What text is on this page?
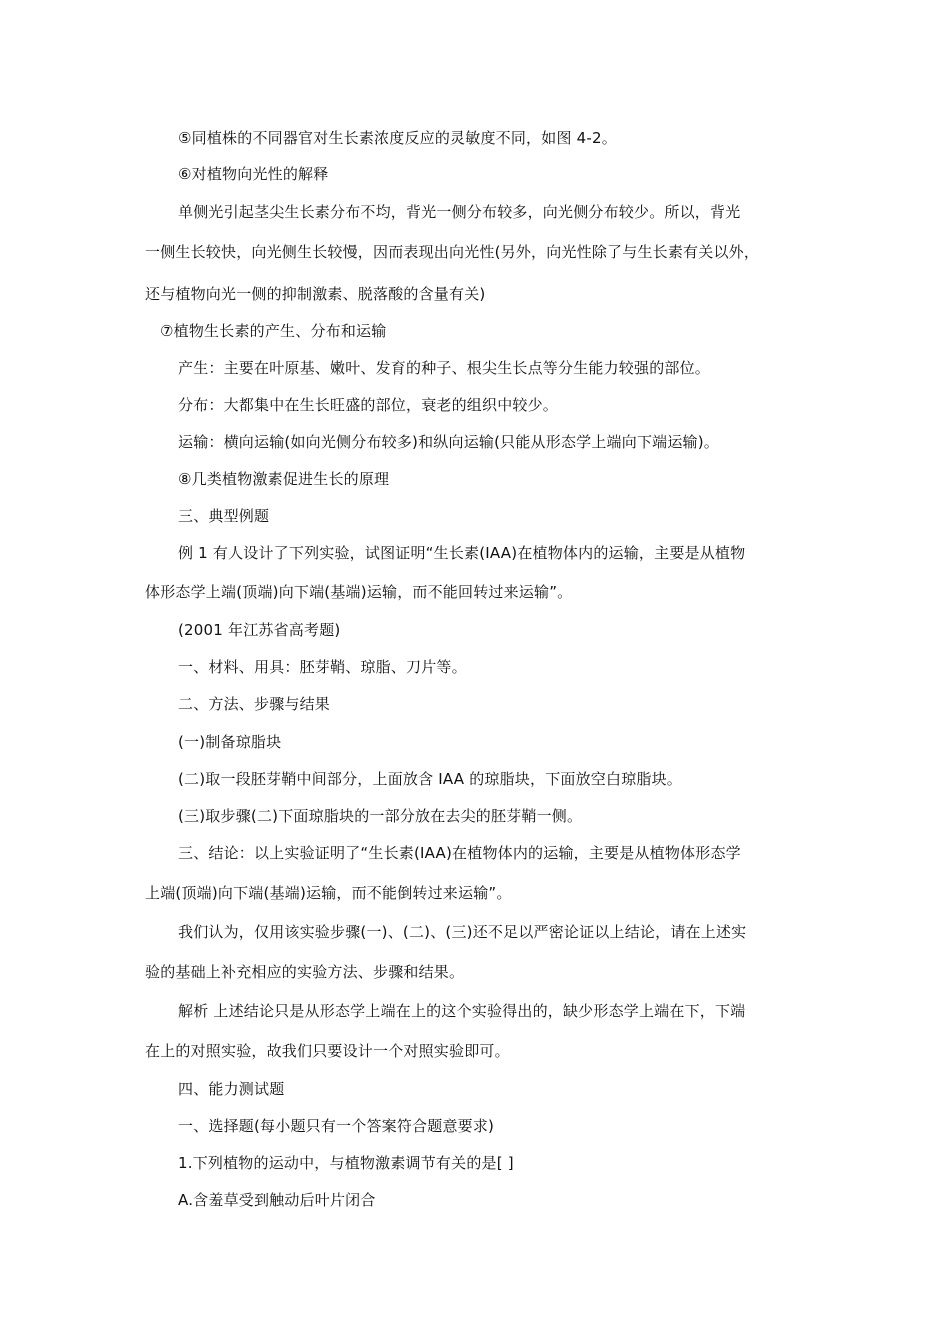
⑤同植株的不同器官对生长素浓度反应的灵敏度不同，如图 4-2。
⑥对植物向光性的解释
单侧光引起茎尖生长素分布不均，背光一侧分布较多，向光侧分布较少。所以，背光
一侧生长较快，向光侧生长较慢，因而表现出向光性(另外，向光性除了与生长素有关以外，
还与植物向光一侧的抑制激素、脱落酸的含量有关)
⑦植物生长素的产生、分布和运输
产生：主要在叶原基、嫩叶、发育的种子、根尖生长点等分生能力较强的部位。
分布：大都集中在生长旺盛的部位，衰老的组织中较少。
运输：横向运输(如向光侧分布较多)和纵向运输(只能从形态学上端向下端运输)。
⑧几类植物激素促进生长的原理
三、典型例题
例 1 有人设计了下列实验，试图证明“生长素(IAA)在植物体内的运输，主要是从植物
体形态学上端(顶端)向下端(基端)运输，而不能回转过来运输”。
(2001 年江苏省高考题)
一、材料、用具：胚芽鞘、琼脂、刀片等。
二、方法、步骤与结果
(一)制备琼脂块
(二)取一段胚芽鞘中间部分，上面放含 IAA 的琼脂块，下面放空白琼脂块。
(三)取步骤(二)下面琼脂块的一部分放在去尖的胚芽鞘一侧。
三、结论：以上实验证明了“生长素(IAA)在植物体内的运输，主要是从植物体形态学
上端(顶端)向下端(基端)运输，而不能倒转过来运输”。
我们认为，仅用该实验步骤(一)、(二)、(三)还不足以严密论证以上结论，请在上述实
验的基础上补充相应的实验方法、步骤和结果。
解析 上述结论只是从形态学上端在上的这个实验得出的，缺少形态学上端在下，下端
在上的对照实验，故我们只要设计一个对照实验即可。
四、能力测试题
一、选择题(每小题只有一个答案符合题意要求)
1.下列植物的运动中，与植物激素调节有关的是[ ]
A.含羞草受到触动后叶片闭合
